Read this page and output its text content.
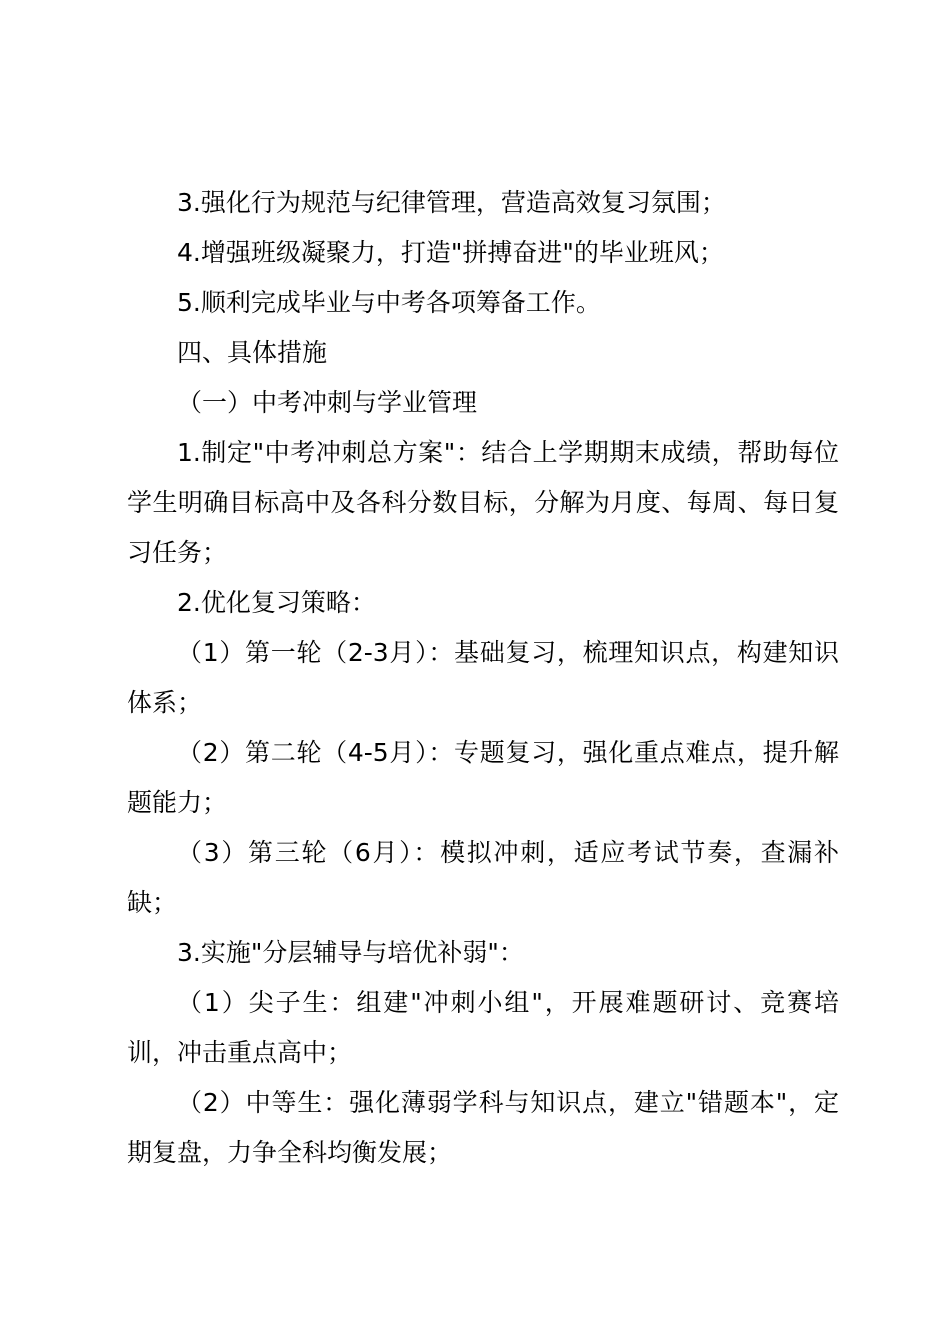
3.强化行为规范与纪律管理，营造高效复习氛围；

4.增强班级凝聚力，打造"拼搏奋进"的毕业班风；

5.顺利完成毕业与中考各项筹备工作。

四、具体措施

（一）中考冲刺与学业管理

1.制定"中考冲刺总方案"：结合上学期期末成绩，帮助每位学生明确目标高中及各科分数目标，分解为月度、每周、每日复习任务；

2.优化复习策略：

（1）第一轮（2-3月）：基础复习，梳理知识点，构建知识体系；

（2）第二轮（4-5月）：专题复习，强化重点难点，提升解题能力；

（3）第三轮（6月）：模拟冲刺，适应考试节奏，查漏补缺；

3.实施"分层辅导与培优补弱"：

（1）尖子生：组建"冲刺小组"，开展难题研讨、竞赛培训，冲击重点高中；

（2）中等生：强化薄弱学科与知识点，建立"错题本"，定期复盘，力争全科均衡发展；
